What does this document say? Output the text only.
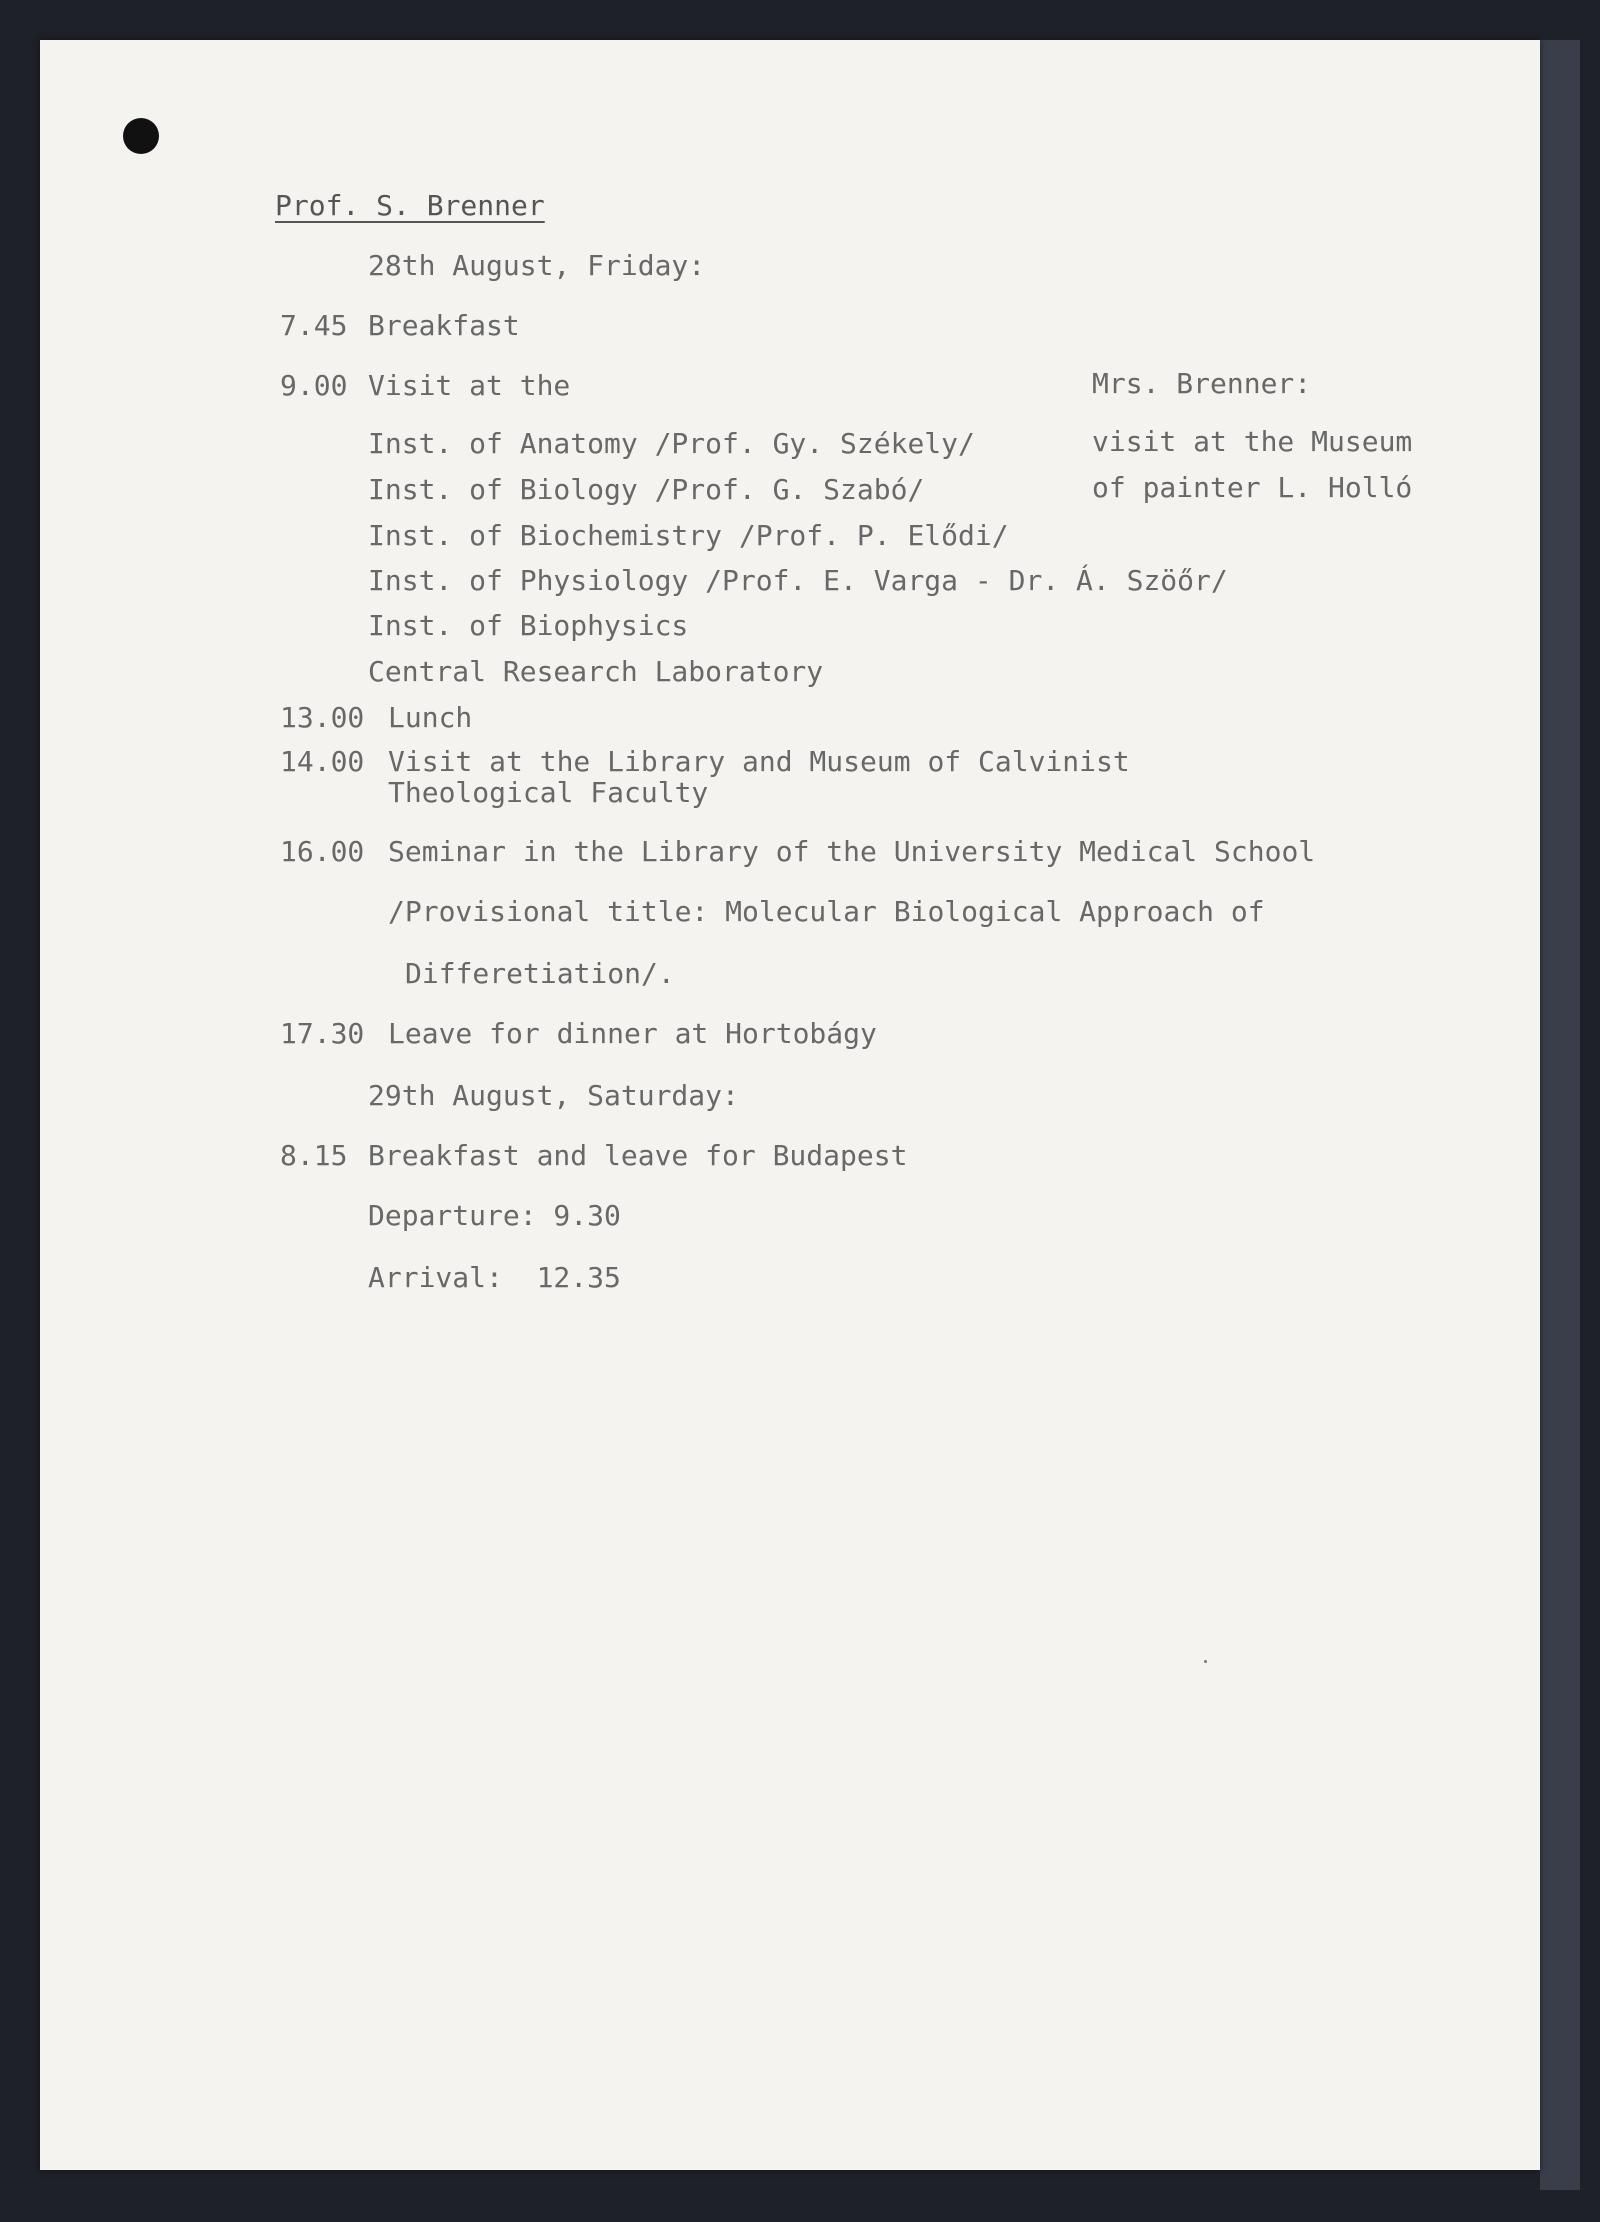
Prof. S. Brenner
28th August, Friday:
7.45 Breakfast
9.00 Visit at the	Mrs. Brenner:
visit at the Museum
of painter L. Holló
Inst. of Anatomy /Prof. Gy. Székely/
Inst. of Biology /Prof. G. Szabó/
Inst. of Biochemistry /Prof. P. Elődi/
Inst. of Physiology /Prof. E. Varga - Dr. Á. Szöőr/
Inst. of Biophysics
Central Research Laboratory
13.00 Lunch
14.00 Visit at the Library and Museum of Calvinist
Theological Faculty
16.00 Seminar in the Library of the University Medical School
/Provisional title: Molecular Biological Approach of
Differetiation/.
17.30 Leave for dinner at Hortobágy
29th August, Saturday:
8.15 Breakfast and leave for Budapest
Departure: 9.30
Arrival:  12.35
